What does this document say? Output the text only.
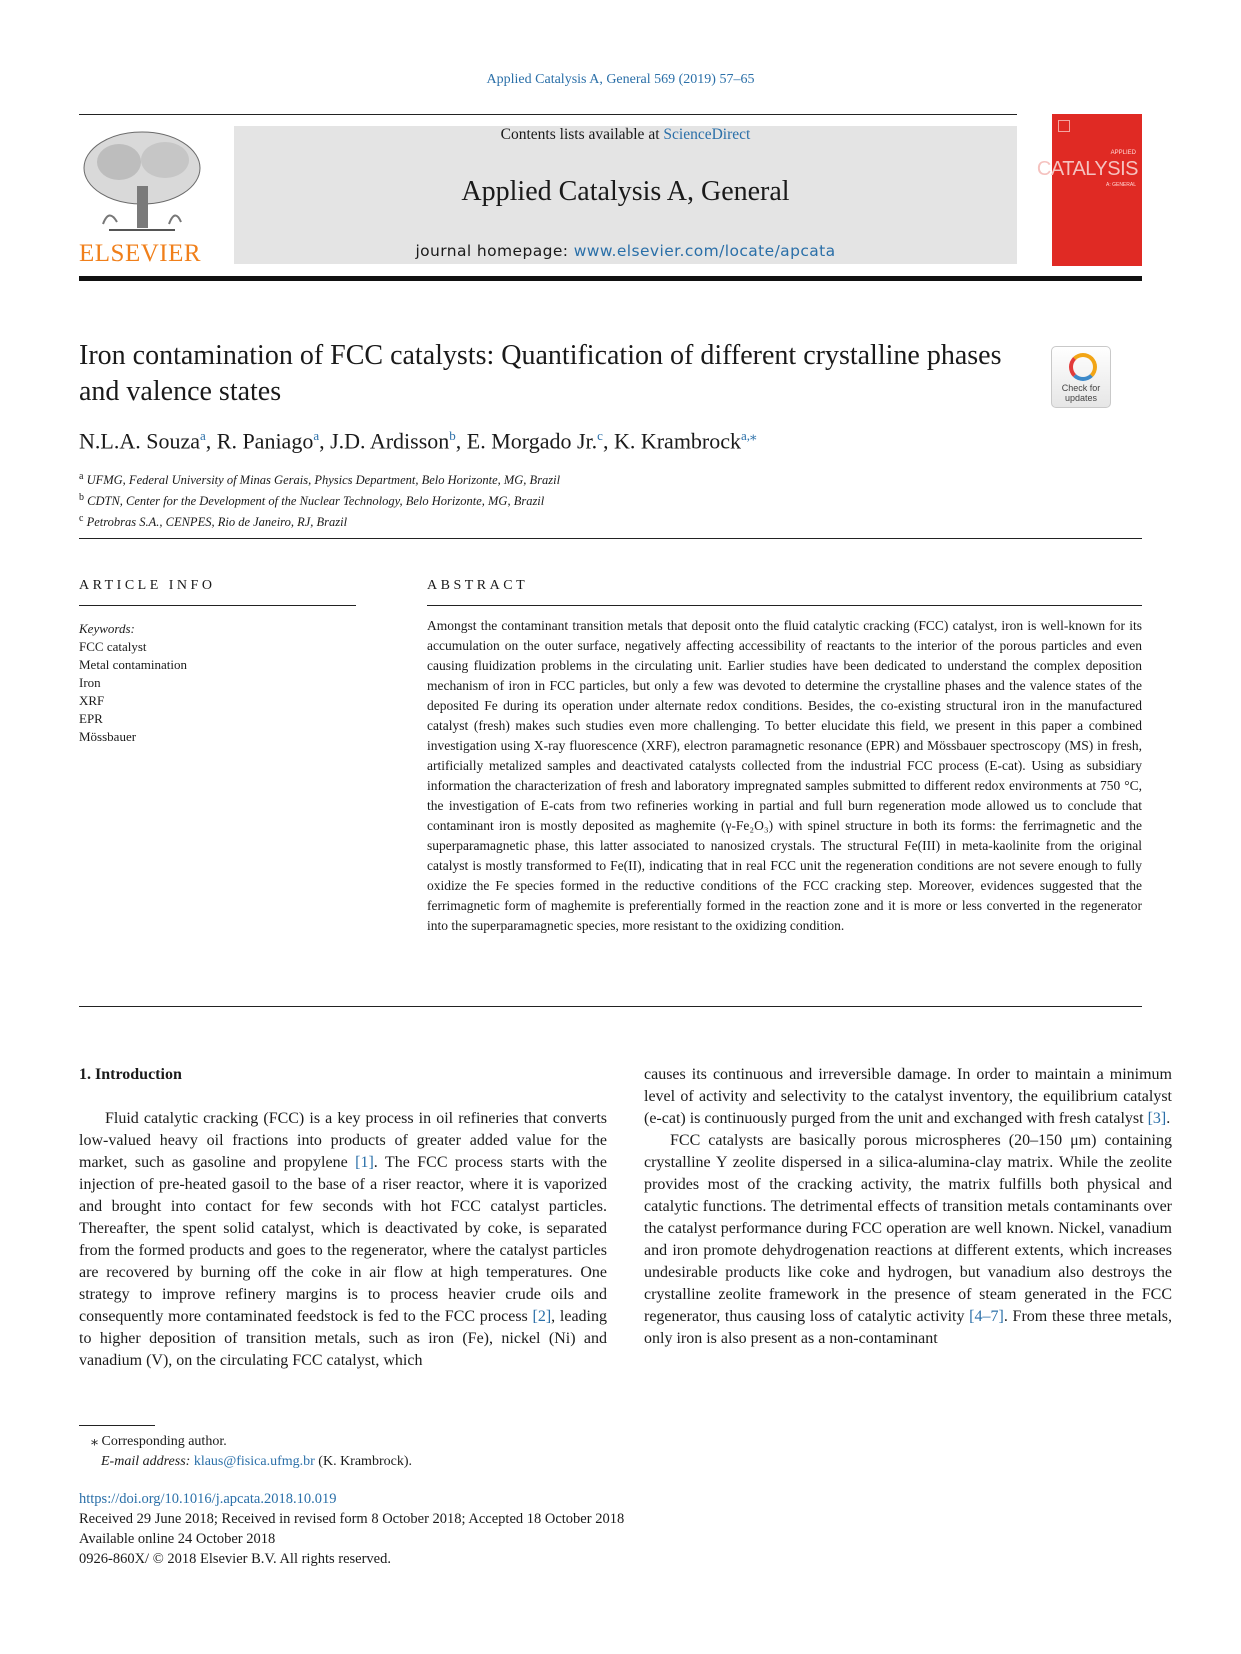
Applied Catalysis A, General 569 (2019) 57–65
ELSEVIER
Contents lists available at ScienceDirect
Applied Catalysis A, General
journal homepage: www.elsevier.com/locate/apcata
APPLIED
CATALYSIS
A: GENERAL
Iron contamination of FCC catalysts: Quantification of different crystalline phases and valence states	Check for
updates
N.L.A. Souza$^a$, R. Paniago$^a$, J.D. Ardisson$^b$, E. Morgado Jr.$^c$, K. Krambrock$^{a,⁎}$
$^a$ UFMG, Federal University of Minas Gerais, Physics Department, Belo Horizonte, MG, Brazil
$^b$ CDTN, Center for the Development of the Nuclear Technology, Belo Horizonte, MG, Brazil
$^c$ Petrobras S.A., CENPES, Rio de Janeiro, RJ, Brazil
ARTICLE INFO	ABSTRACT
Keywords:
FCC catalyst
Metal contamination
Iron
XRF
EPR
Mössbauer
Amongst the contaminant transition metals that deposit onto the fluid catalytic cracking (FCC) catalyst, iron is well-known for its accumulation on the outer surface, negatively affecting accessibility of reactants to the interior of the porous particles and even causing fluidization problems in the circulating unit. Earlier studies have been dedicated to understand the complex deposition mechanism of iron in FCC particles, but only a few was devoted to determine the crystalline phases and the valence states of the deposited Fe during its operation under alternate redox conditions. Besides, the co-existing structural iron in the manufactured catalyst (fresh) makes such studies even more challenging. To better elucidate this field, we present in this paper a combined investigation using X-ray fluorescence (XRF), electron paramagnetic resonance (EPR) and Mössbauer spectroscopy (MS) in fresh, artificially metalized samples and deactivated catalysts collected from the industrial FCC process (E-cat). Using as subsidiary information the characterization of fresh and laboratory impregnated samples submitted to different redox environments at 750 °C, the investigation of E-cats from two refineries working in partial and full burn regeneration mode allowed us to conclude that contaminant iron is mostly deposited as maghemite (γ-Fe₂O₃) with spinel structure in both its forms: the ferrimagnetic and the superparamagnetic phase, this latter associated to nanosized crystals. The structural Fe(III) in meta-kaolinite from the original catalyst is mostly transformed to Fe(II), indicating that in real FCC unit the regeneration conditions are not severe enough to fully oxidize the Fe species formed in the reductive conditions of the FCC cracking step. Moreover, evidences suggested that the ferrimagnetic form of maghemite is preferentially formed in the reaction zone and it is more or less converted in the regenerator into the superparamagnetic species, more resistant to the oxidizing condition.
1. Introduction

Fluid catalytic cracking (FCC) is a key process in oil refineries that converts low-valued heavy oil fractions into products of greater added value for the market, such as gasoline and propylene [1]. The FCC process starts with the injection of pre-heated gasoil to the base of a riser reactor, where it is vaporized and brought into contact for few seconds with hot FCC catalyst particles. Thereafter, the spent solid catalyst, which is deactivated by coke, is separated from the formed products and goes to the regenerator, where the catalyst particles are recovered by burning off the coke in air flow at high temperatures. One strategy to improve refinery margins is to process heavier crude oils and consequently more contaminated feedstock is fed to the FCC process [2], leading to higher deposition of transition metals, such as iron (Fe), nickel (Ni) and vanadium (V), on the circulating FCC catalyst, which

causes its continuous and irreversible damage. In order to maintain a minimum level of activity and selectivity to the catalyst inventory, the equilibrium catalyst (e-cat) is continuously purged from the unit and exchanged with fresh catalyst [3].

FCC catalysts are basically porous microspheres (20–150 μm) containing crystalline Y zeolite dispersed in a silica-alumina-clay matrix. While the zeolite provides most of the cracking activity, the matrix fulfills both physical and catalytic functions. The detrimental effects of transition metals contaminants over the catalyst performance during FCC operation are well known. Nickel, vanadium and iron promote dehydrogenation reactions at different extents, which increases undesirable products like coke and hydrogen, but vanadium also destroys the crystalline zeolite framework in the presence of steam generated in the FCC regenerator, thus causing loss of catalytic activity [4–7]. From these three metals, only iron is also present as a non-contaminant

⁎ Corresponding author.
E-mail address: klaus@fisica.ufmg.br (K. Krambrock).
https://doi.org/10.1016/j.apcata.2018.10.019
Received 29 June 2018; Received in revised form 8 October 2018; Accepted 18 October 2018
Available online 24 October 2018
0926-860X/ © 2018 Elsevier B.V. All rights reserved.
